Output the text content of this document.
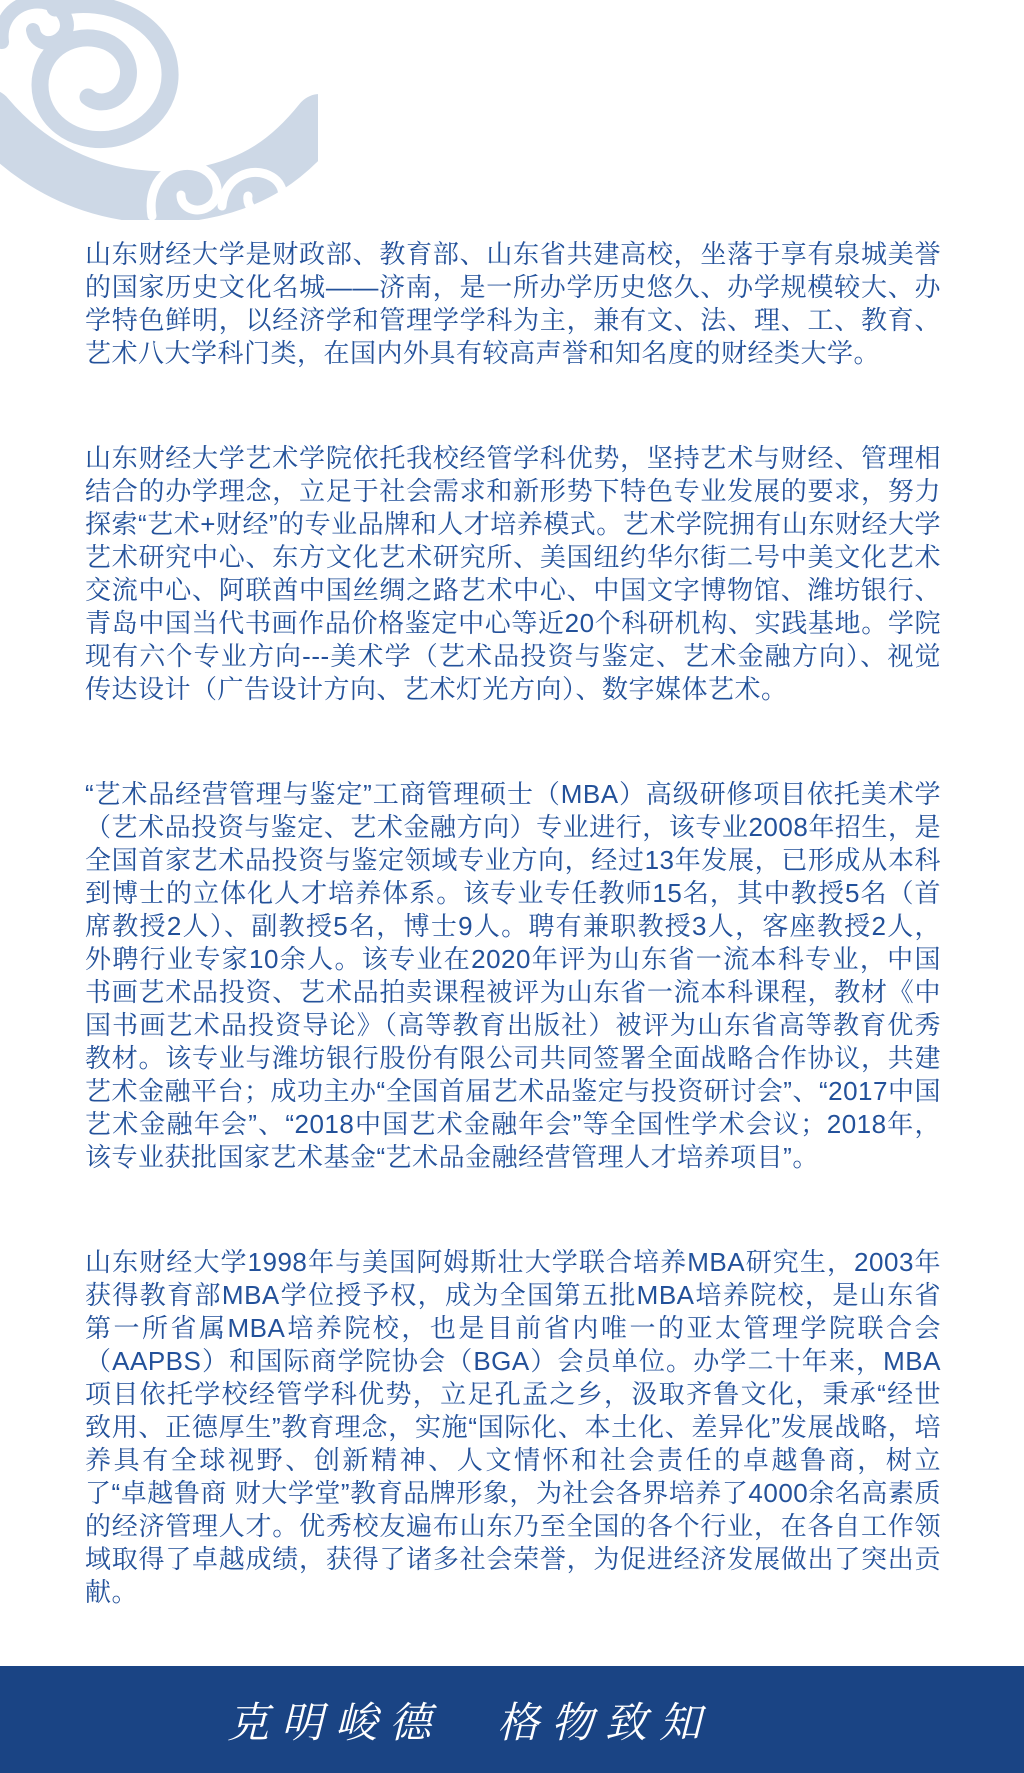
山东财经大学是财政部、教育部、山东省共建高校，坐落于享有泉城美誉的国家历史文化名城——济南，是一所办学历史悠久、办学规模较大、办学特色鲜明，以经济学和管理学学科为主，兼有文、法、理、工、教育、艺术八大学科门类，在国内外具有较高声誉和知名度的财经类大学。

山东财经大学艺术学院依托我校经管学科优势，坚持艺术与财经、管理相结合的办学理念，立足于社会需求和新形势下特色专业发展的要求，努力探索“艺术+财经”的专业品牌和人才培养模式。艺术学院拥有山东财经大学艺术研究中心、东方文化艺术研究所、美国纽约华尔街二号中美文化艺术交流中心、阿联酋中国丝绸之路艺术中心、中国文字博物馆、潍坊银行、青岛中国当代书画作品价格鉴定中心等近20个科研机构、实践基地。学院现有六个专业方向---美术学（艺术品投资与鉴定、艺术金融方向）、视觉传达设计（广告设计方向、艺术灯光方向）、数字媒体艺术。

“艺术品经营管理与鉴定”工商管理硕士（MBA）高级研修项目依托美术学（艺术品投资与鉴定、艺术金融方向）专业进行，该专业2008年招生，是全国首家艺术品投资与鉴定领域专业方向，经过13年发展，已形成从本科到博士的立体化人才培养体系。该专业专任教师15名，其中教授5名（首席教授2人）、副教授5名，博士9人。聘有兼职教授3人，客座教授2人，外聘行业专家10余人。该专业在2020年评为山东省一流本科专业，中国书画艺术品投资、艺术品拍卖课程被评为山东省一流本科课程，教材《中国书画艺术品投资导论》（高等教育出版社）被评为山东省高等教育优秀教材。该专业与潍坊银行股份有限公司共同签署全面战略合作协议，共建艺术金融平台；成功主办“全国首届艺术品鉴定与投资研讨会”、“2017中国艺术金融年会”、“2018中国艺术金融年会”等全国性学术会议；2018年，该专业获批国家艺术基金“艺术品金融经营管理人才培养项目”。

山东财经大学1998年与美国阿姆斯壮大学联合培养MBA研究生，2003年获得教育部MBA学位授予权，成为全国第五批MBA培养院校，是山东省第一所省属MBA培养院校，也是目前省内唯一的亚太管理学院联合会（AAPBS）和国际商学院协会（BGA）会员单位。办学二十年来，MBA项目依托学校经管学科优势，立足孔孟之乡，汲取齐鲁文化，秉承“经世致用、正德厚生”教育理念，实施“国际化、本土化、差异化”发展战略，培养具有全球视野、创新精神、人文情怀和社会责任的卓越鲁商，树立了“卓越鲁商 财大学堂”教育品牌形象，为社会各界培养了4000余名高素质的经济管理人才。优秀校友遍布山东乃至全国的各个行业，在各自工作领域取得了卓越成绩，获得了诸多社会荣誉，为促进经济发展做出了突出贡献。

克明峻德　格物致知
